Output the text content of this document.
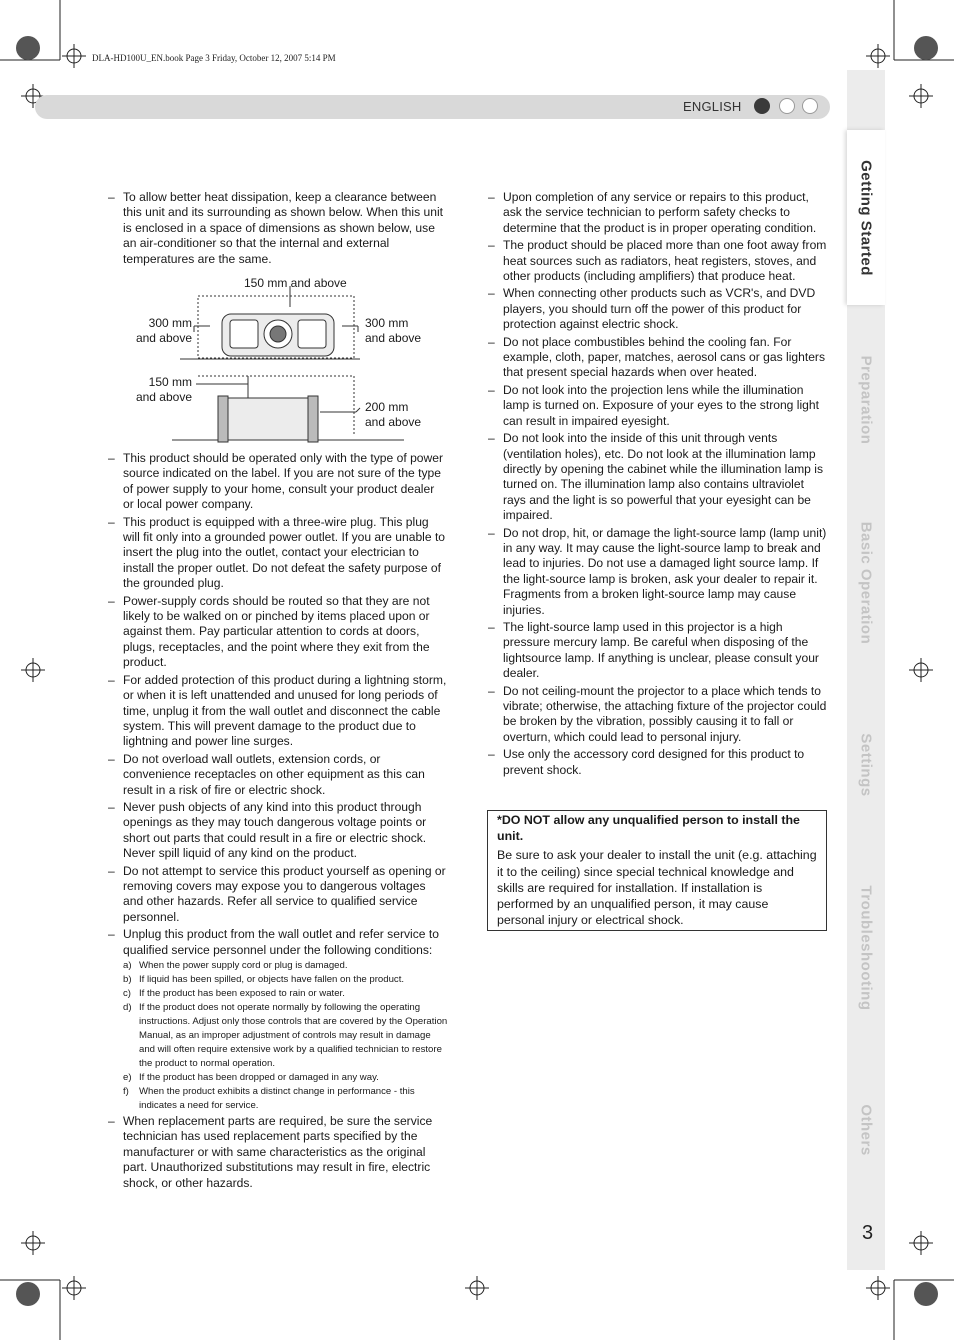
DLA-HD100U_EN.book Page 3 Friday, October 12, 2007 5:14 PM
ENGLISH
Getting Started
Preparation
Basic Operation
Settings
Troubleshooting
Others
3

– To allow better heat dissipation, keep a clearance between this unit and its surrounding as shown below. When this unit is enclosed in a space of dimensions as shown below, use an air-conditioner so that the internal and external temperatures are the same.

150 mm and above
300 mm
and above
300 mm
and above
150 mm
and above
200 mm
and above

– This product should be operated only with the type of power source indicated on the label. If you are not sure of the type of power supply to your home, consult your product dealer or local power company.

– This product is equipped with a three-wire plug. This plug will fit only into a grounded power outlet. If you are unable to insert the plug into the outlet, contact your electrician to install the proper outlet. Do not defeat the safety purpose of the grounded plug.

– Power-supply cords should be routed so that they are not likely to be walked on or pinched by items placed upon or against them. Pay particular attention to cords at doors, plugs, receptacles, and the point where they exit from the product.

– For added protection of this product during a lightning storm, or when it is left unattended and unused for long periods of time, unplug it from the wall outlet and disconnect the cable system. This will prevent damage to the product due to lightning and power line surges.

– Do not overload wall outlets, extension cords, or convenience receptacles on other equipment as this can result in a risk of fire or electric shock.

– Never push objects of any kind into this product through openings as they may touch dangerous voltage points or short out parts that could result in a fire or electric shock. Never spill liquid of any kind on the product.

– Do not attempt to service this product yourself as opening or removing covers may expose you to dangerous voltages and other hazards. Refer all service to qualified service personnel.

– Unplug this product from the wall outlet and refer service to qualified service personnel under the following conditions:

a) When the power supply cord or plug is damaged.
b) If liquid has been spilled, or objects have fallen on the product.
c) If the product has been exposed to rain or water.
d) If the product does not operate normally by following the operating instructions. Adjust only those controls that are covered by the Operation Manual, as an improper adjustment of controls may result in damage and will often require extensive work by a qualified technician to restore the product to normal operation.
e) If the product has been dropped or damaged in any way.
f) When the product exhibits a distinct change in performance - this indicates a need for service.

– When replacement parts are required, be sure the service technician has used replacement parts specified by the manufacturer or with same characteristics as the original part. Unauthorized substitutions may result in fire, electric shock, or other hazards.

– Upon completion of any service or repairs to this product, ask the service technician to perform safety checks to determine that the product is in proper operating condition.

– The product should be placed more than one foot away from heat sources such as radiators, heat registers, stoves, and other products (including amplifiers) that produce heat.

– When connecting other products such as VCR's, and DVD players, you should turn off the power of this product for protection against electric shock.

– Do not place combustibles behind the cooling fan. For example, cloth, paper, matches, aerosol cans or gas lighters that present special hazards when over heated.

– Do not look into the projection lens while the illumination lamp is turned on. Exposure of your eyes to the strong light can result in impaired eyesight.

– Do not look into the inside of this unit through vents (ventilation holes), etc. Do not look at the illumination lamp directly by opening the cabinet while the illumination lamp is turned on. The illumination lamp also contains ultraviolet rays and the light is so powerful that your eyesight can be impaired.

– Do not drop, hit, or damage the light-source lamp (lamp unit) in any way. It may cause the light-source lamp to break and lead to injuries. Do not use a damaged light source lamp. If the light-source lamp is broken, ask your dealer to repair it. Fragments from a broken light-source lamp may cause injuries.

– The light-source lamp used in this projector is a high pressure mercury lamp. Be careful when disposing of the lightsource lamp. If anything is unclear, please consult your dealer.

– Do not ceiling-mount the projector to a place which tends to vibrate; otherwise, the attaching fixture of the projector could be broken by the vibration, possibly causing it to fall or overturn, which could lead to personal injury.

– Use only the accessory cord designed for this product to prevent shock.

*DO NOT allow any unqualified person to install the unit.

Be sure to ask your dealer to install the unit (e.g. attaching it to the ceiling) since special technical knowledge and skills are required for installation. If installation is performed by an unqualified person, it may cause personal injury or electrical shock.
